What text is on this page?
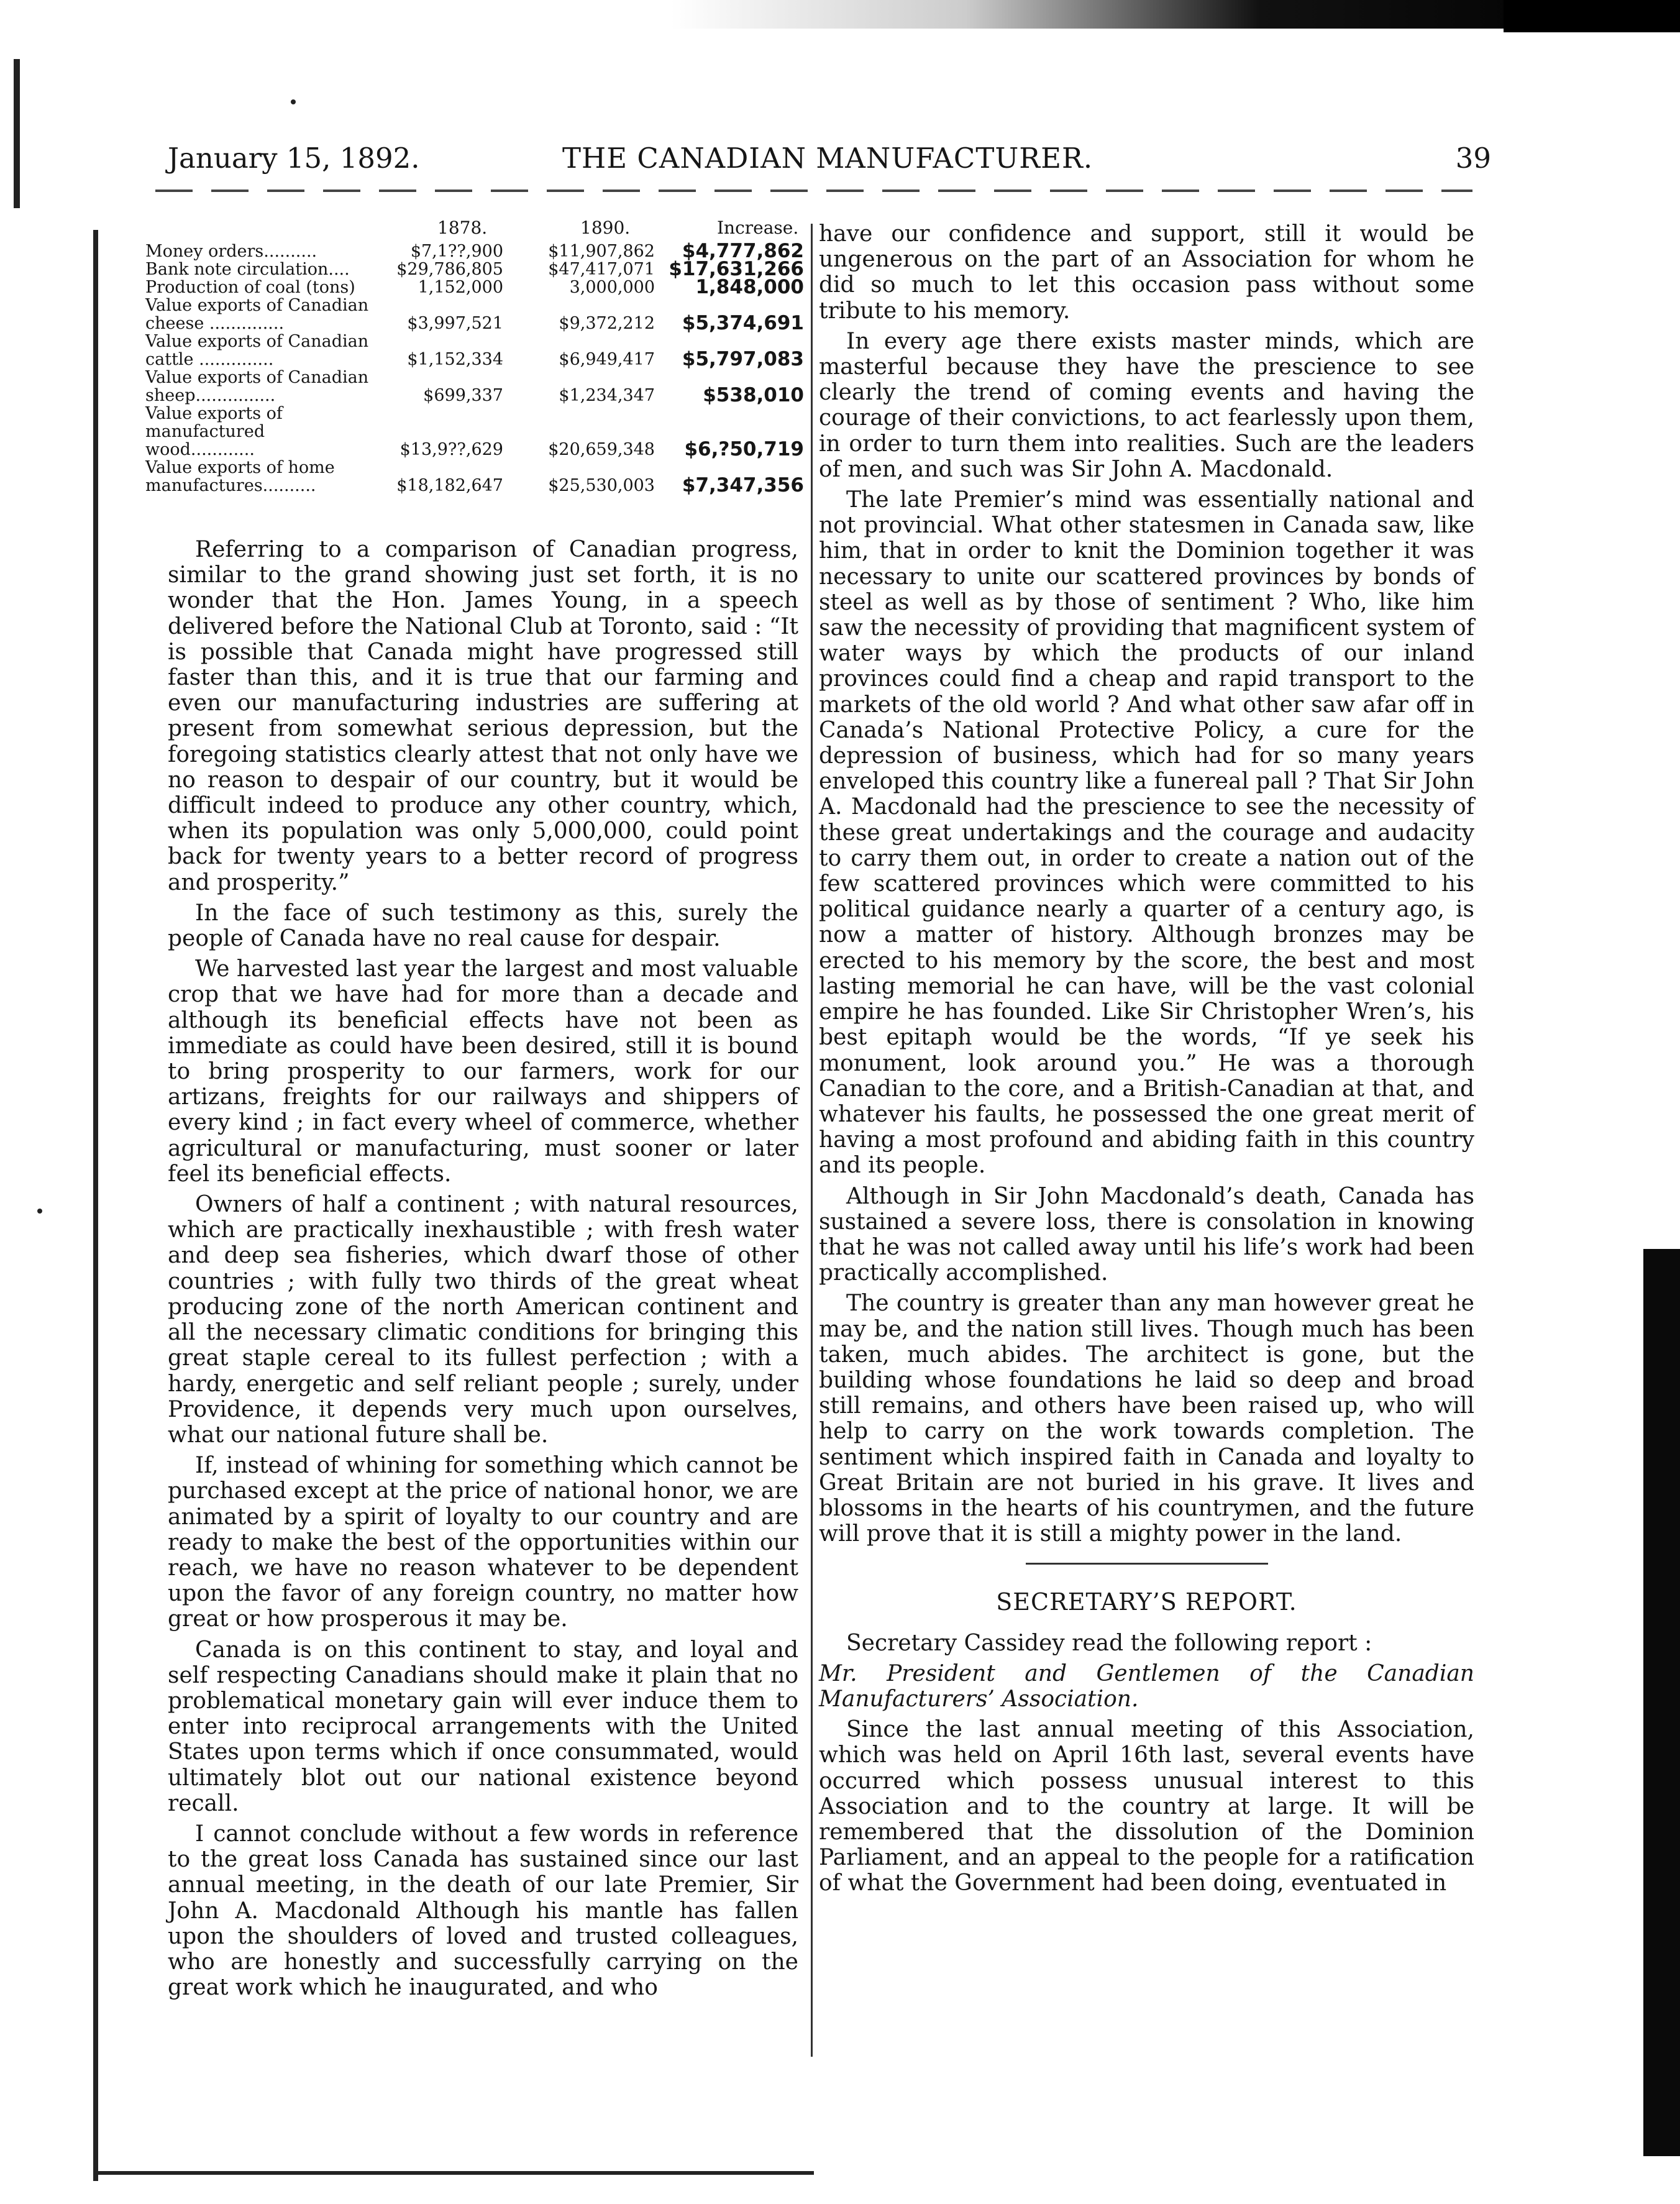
January 15, 1892.	THE CANADIAN MANUFACTURER.	39
1878.	1890.	Increase.
Money orders..........	$7,1??,900	$11,907,862	$4,777,862
Bank note circulation....	$29,786,805	$47,417,071 $17,631,266
Production of coal (tons)	1,152,000	3,000,000	1,848,000
Value exports of Canadian cheese ..............	$3,997,521	$9,372,212	$5,374,691
Value exports of Canadian cattle ..............	$1,152,334	$6,949,417	$5,797,083
Value exports of Canadian sheep...............	$699,337	$1,234,347	$538,010
Value exports of manufactured wood............	$13,9??,629	$20,659,348	$6,?50,719
Value exports of home manufactures..........	$18,182,647	$25,530,003	$7,347,356

Referring to a comparison of Canadian progress, similar to the grand showing just set forth, it is no wonder that the Hon. James Young, in a speech delivered before the National Club at Toronto, said : “It is possible that Canada might have progressed still faster than this, and it is true that our farming and even our manufacturing industries are suffering at present from somewhat serious depression, but the foregoing statistics clearly attest that not only have we no reason to despair of our country, but it would be difficult indeed to produce any other country, which, when its population was only 5,000,000, could point back for twenty years to a better record of progress and prosperity.”

In the face of such testimony as this, surely the people of Canada have no real cause for despair.

We harvested last year the largest and most valuable crop that we have had for more than a decade and although its beneficial effects have not been as immediate as could have been desired, still it is bound to bring prosperity to our farmers, work for our artizans, freights for our railways and shippers of every kind ; in fact every wheel of commerce, whether agricultural or manufacturing, must sooner or later feel its beneficial effects.

Owners of half a continent ; with natural resources, which are practically inexhaustible ; with fresh water and deep sea fisheries, which dwarf those of other countries ; with fully two thirds of the great wheat producing zone of the north American continent and all the necessary climatic conditions for bringing this great staple cereal to its fullest perfection ; with a hardy, energetic and self reliant people ; surely, under Providence, it depends very much upon ourselves, what our national future shall be.

If, instead of whining for something which cannot be purchased except at the price of national honor, we are animated by a spirit of loyalty to our country and are ready to make the best of the opportunities within our reach, we have no reason whatever to be dependent upon the favor of any foreign country, no matter how great or how prosperous it may be.

Canada is on this continent to stay, and loyal and self respecting Canadians should make it plain that no problematical monetary gain will ever induce them to enter into reciprocal arrangements with the United States upon terms which if once consummated, would ultimately blot out our national existence beyond recall.

I cannot conclude without a few words in reference to the great loss Canada has sustained since our last annual meeting, in the death of our late Premier, Sir John A. Macdonald Although his mantle has fallen upon the shoulders of loved and trusted colleagues, who are honestly and successfully carrying on the great work which he inaugurated, and who

have our confidence and support, still it would be ungenerous on the part of an Association for whom he did so much to let this occasion pass without some tribute to his memory.

In every age there exists master minds, which are masterful because they have the prescience to see clearly the trend of coming events and having the courage of their convictions, to act fearlessly upon them, in order to turn them into realities. Such are the leaders of men, and such was Sir John A. Macdonald.

The late Premier’s mind was essentially national and not provincial. What other statesmen in Canada saw, like him, that in order to knit the Dominion together it was necessary to unite our scattered provinces by bonds of steel as well as by those of sentiment ? Who, like him saw the necessity of providing that magnificent system of water ways by which the products of our inland provinces could find a cheap and rapid transport to the markets of the old world ? And what other saw afar off in Canada’s National Protective Policy, a cure for the depression of business, which had for so many years enveloped this country like a funereal pall ? That Sir John A. Macdonald had the prescience to see the necessity of these great undertakings and the courage and audacity to carry them out, in order to create a nation out of the few scattered provinces which were committed to his political guidance nearly a quarter of a century ago, is now a matter of history. Although bronzes may be erected to his memory by the score, the best and most lasting memorial he can have, will be the vast colonial empire he has founded. Like Sir Christopher Wren’s, his best epitaph would be the words, “If ye seek his monument, look around you.” He was a thorough Canadian to the core, and a British-Canadian at that, and whatever his faults, he possessed the one great merit of having a most profound and abiding faith in this country and its people.

Although in Sir John Macdonald’s death, Canada has sustained a severe loss, there is consolation in knowing that he was not called away until his life’s work had been practically accomplished.

The country is greater than any man however great he may be, and the nation still lives. Though much has been taken, much abides. The architect is gone, but the building whose foundations he laid so deep and broad still remains, and others have been raised up, who will help to carry on the work towards completion. The sentiment which inspired faith in Canada and loyalty to Great Britain are not buried in his grave. It lives and blossoms in the hearts of his countrymen, and the future will prove that it is still a mighty power in the land.

SECRETARY’S REPORT.

Secretary Cassidey read the following report :

Mr. President and Gentlemen of the Canadian Manufacturers’ Association.

Since the last annual meeting of this Association, which was held on April 16th last, several events have occurred which possess unusual interest to this Association and to the country at large. It will be remembered that the dissolution of the Dominion Parliament, and an appeal to the people for a ratification of what the Government had been doing, eventuated in
